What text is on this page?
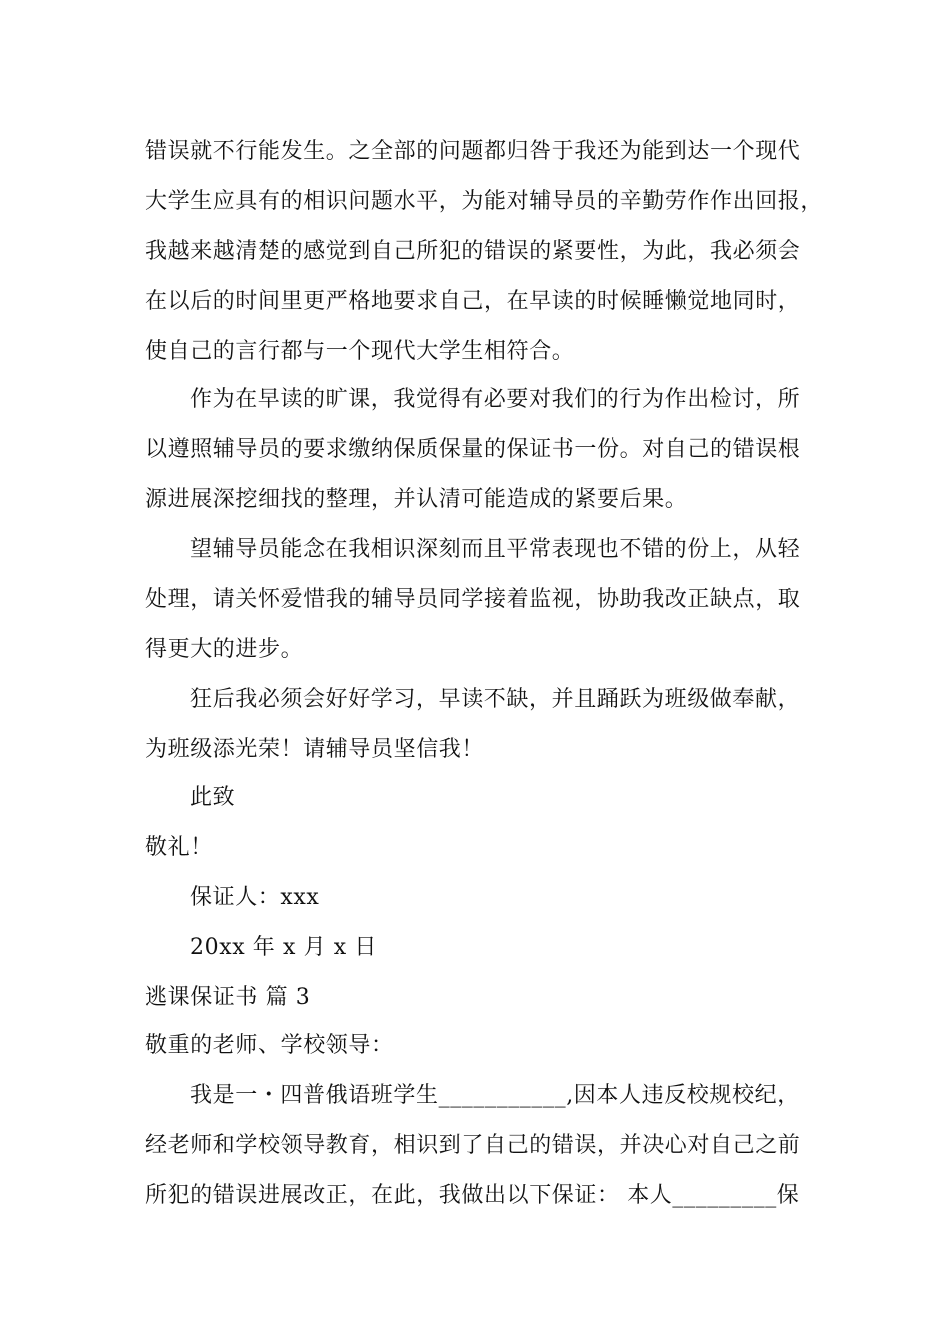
错误就不行能发生。之全部的问题都归咎于我还为能到达一个现代
大学生应具有的相识问题水平，为能对辅导员的辛勤劳作作出回报，
我越来越清楚的感觉到自己所犯的错误的紧要性，为此，我必须会
在以后的时间里更严格地要求自己，在早读的时候睡懒觉地同时，
使自己的言行都与一个现代大学生相符合。
作为在早读的旷课，我觉得有必要对我们的行为作出检讨，所
以遵照辅导员的要求缴纳保质保量的保证书一份。对自己的错误根
源进展深挖细找的整理，并认清可能造成的紧要后果。
望辅导员能念在我相识深刻而且平常表现也不错的份上，从轻
处理，请关怀爱惜我的辅导员同学接着监视，协助我改正缺点，取
得更大的进步。
狂后我必须会好好学习，早读不缺，并且踊跃为班级做奉献，
为班级添光荣！请辅导员坚信我！
此致
敬礼！
保证人：xxx
20xx 年 x 月 x 日
逃课保证书 篇 3
敬重的老师、学校领导：
我是一・四普俄语班学生___________,因本人违反校规校纪，
经老师和学校领导教育，相识到了自己的错误，并决心对自己之前
所犯的错误进展改正，在此，我做出以下保证： 本人_________保
